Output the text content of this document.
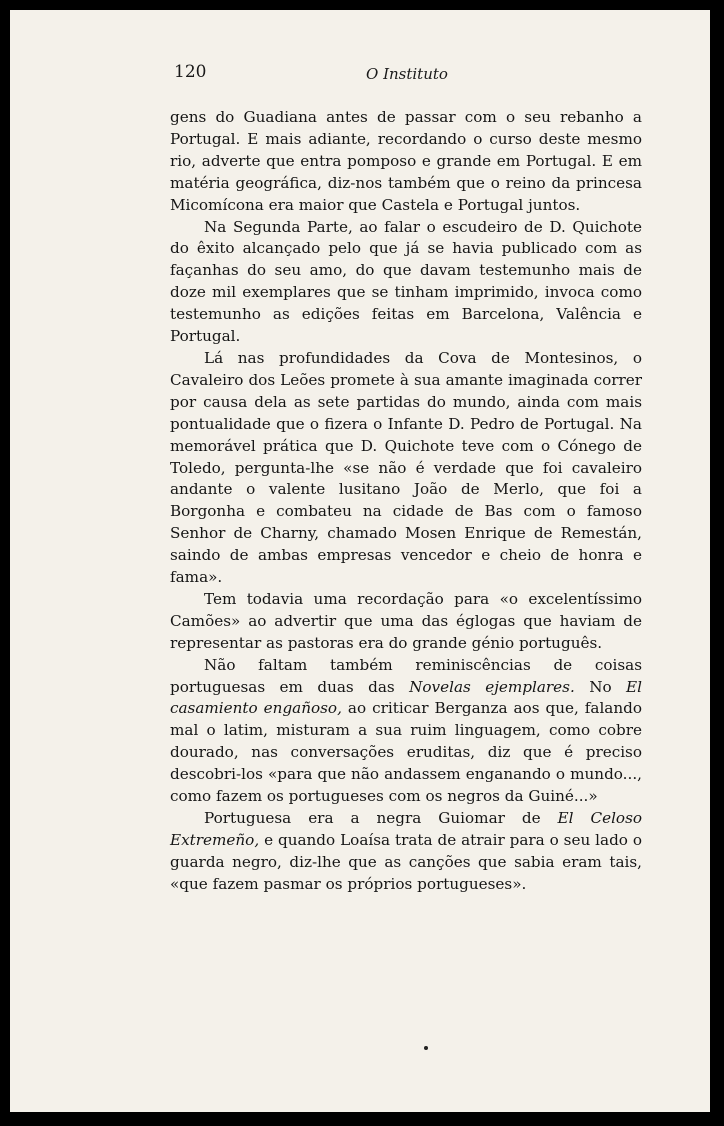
120	O Instituto

gens do Guadiana antes de passar com o seu rebanho a Portugal. E mais adiante, recordando o curso deste mesmo rio, adverte que entra pomposo e grande em Portugal. E em matéria geográfica, diz-nos também que o reino da princesa Micomícona era maior que Castela e Portugal juntos.

Na Segunda Parte, ao falar o escudeiro de D. Quichote do êxito alcançado pelo que já se havia publicado com as façanhas do seu amo, do que davam testemunho mais de doze mil exemplares que se tinham imprimido, invoca como testemunho as edições feitas em Barcelona, Valência e Portugal.

Lá nas profundidades da Cova de Montesinos, o Cavaleiro dos Leões promete à sua amante imaginada correr por causa dela as sete partidas do mundo, ainda com mais pontualidade que o fizera o Infante D. Pedro de Portugal. Na memorável prática que D. Quichote teve com o Cónego de Toledo, pergunta-lhe «se não é verdade que foi cavaleiro andante o valente lusitano João de Merlo, que foi a Borgonha e combateu na cidade de Bas com o famoso Senhor de Charny, chamado Mosen Enrique de Remestán, saindo de ambas empresas vencedor e cheio de honra e fama».

Tem todavia uma recordação para «o excelentíssimo Camões» ao advertir que uma das églogas que haviam de representar as pastoras era do grande génio português.

Não faltam também reminiscências de coisas portuguesas em duas das Novelas ejemplares. No El casamiento engañoso, ao criticar Berganza aos que, falando mal o latim, misturam a sua ruim linguagem, como cobre dourado, nas conversações eruditas, diz que é preciso descobri-los «para que não andassem enganando o mundo..., como fazem os portugueses com os negros da Guiné...»

Portuguesa era a negra Guiomar de El Celoso Extremeño, e quando Loaísa trata de atrair para o seu lado o guarda negro, diz-lhe que as canções que sabia eram tais, «que fazem pasmar os próprios portugueses».
